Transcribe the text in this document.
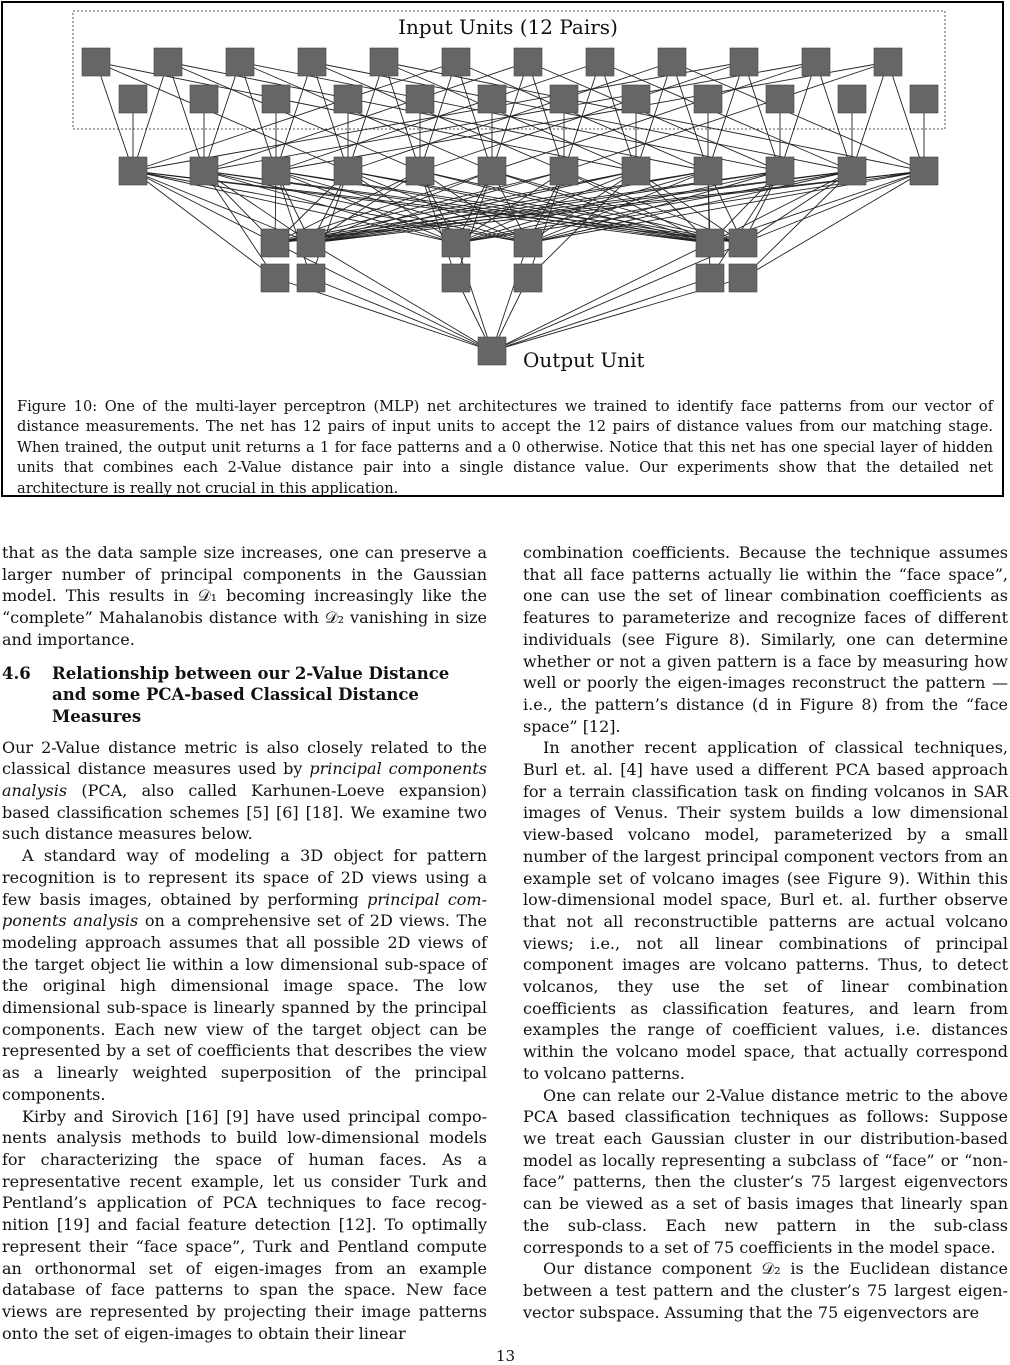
Input Units (12 Pairs)
Output Unit
Figure 10: One of the multi-layer perceptron (MLP) net architectures we trained to identify face patterns from our vector of distance measurements. The net has 12 pairs of input units to accept the 12 pairs of distance values from our matching stage. When trained, the output unit returns a 1 for face patterns and a 0 otherwise. Notice that this net has one special layer of hidden units that combines each 2-Value distance pair into a single distance value. Our experiments show that the detailed net architecture is really not crucial in this application.

that as the data sample size increases, one can preserve a larger number of principal components in the Gaussian model. This results in 𝒟₁ becoming increasingly like the “complete” Mahalanobis distance with 𝒟₂ vanishing in size and importance.

4.6	Relationship between our 2-Value Distance and some PCA-based Classical Distance Measures

Our 2-Value distance metric is also closely related to the classical distance measures used by principal components analysis (PCA, also called Karhunen-Loeve expansion) based classification schemes [5] [6] [18]. We examine two such distance measures below.

A standard way of modeling a 3D object for pattern recognition is to represent its space of 2D views using a few basis images, obtained by performing principal components analysis on a comprehensive set of 2D views. The modeling approach assumes that all possible 2D views of the target object lie within a low dimensional sub-space of the original high dimensional image space. The low dimensional sub-space is linearly spanned by the principal components. Each new view of the target object can be represented by a set of coefficients that describes the view as a linearly weighted superposition of the principal components.

Kirby and Sirovich [16] [9] have used principal components analysis methods to build low-dimensional models for characterizing the space of human faces. As a representative recent example, let us consider Turk and Pentland’s application of PCA techniques to face recognition [19] and facial feature detection [12]. To optimally represent their “face space”, Turk and Pentland compute an orthonormal set of eigen-images from an example database of face patterns to span the space. New face views are represented by projecting their image patterns onto the set of eigen-images to obtain their linear

combination coefficients. Because the technique assumes that all face patterns actually lie within the “face space”, one can use the set of linear combination coefficients as features to parameterize and recognize faces of different individuals (see Figure 8). Similarly, one can determine whether or not a given pattern is a face by measuring how well or poorly the eigen-images reconstruct the pattern — i.e., the pattern’s distance (d in Figure 8) from the “face space” [12].

In another recent application of classical techniques, Burl et. al. [4] have used a different PCA based approach for a terrain classification task on finding volcanos in SAR images of Venus. Their system builds a low dimensional view-based volcano model, parameterized by a small number of the largest principal component vectors from an example set of volcano images (see Figure 9). Within this low-dimensional model space, Burl et. al. further observe that not all reconstructible patterns are actual volcano views; i.e., not all linear combinations of principal component images are volcano patterns. Thus, to detect volcanos, they use the set of linear combination coefficients as classification features, and learn from examples the range of coefficient values, i.e. distances within the volcano model space, that actually correspond to volcano patterns.

One can relate our 2-Value distance metric to the above PCA based classification techniques as follows: Suppose we treat each Gaussian cluster in our distribution-based model as locally representing a subclass of “face” or “non-face” patterns, then the cluster’s 75 largest eigenvectors can be viewed as a set of basis images that linearly span the sub-class. Each new pattern in the sub-class corresponds to a set of 75 coefficients in the model space.

Our distance component 𝒟₂ is the Euclidean distance between a test pattern and the cluster’s 75 largest eigenvector subspace. Assuming that the 75 eigenvectors are

13
